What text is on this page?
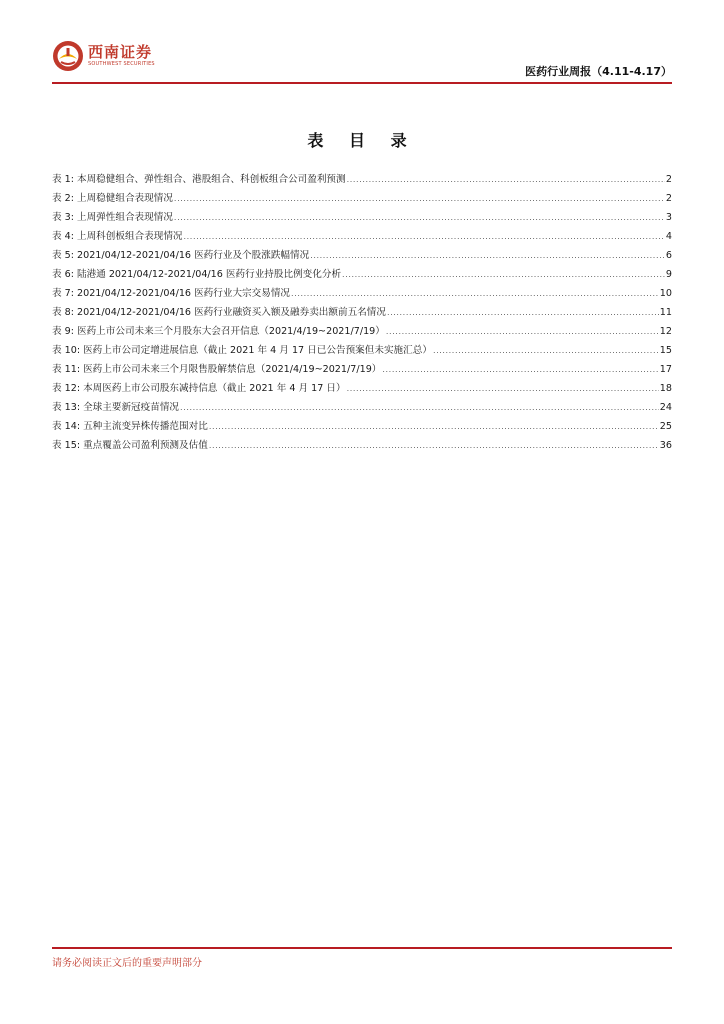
西南证券
SOUTHWEST SECURITIES
医药行业周报（4.11-4.17）
表 目 录
表 1: 本周稳健组合、弹性组合、港股组合、科创板组合公司盈利预测 .....	2
表 2: 上周稳健组合表现情况 .....	2
表 3: 上周弹性组合表现情况 .....	3
表 4: 上周科创板组合表现情况 .....	4
表 5: 2021/04/12-2021/04/16 医药行业及个股涨跌幅情况 .....	6
表 6: 陆港通 2021/04/12-2021/04/16 医药行业持股比例变化分析 .....	9
表 7: 2021/04/12-2021/04/16 医药行业大宗交易情况 .....	10
表 8: 2021/04/12-2021/04/16 医药行业融资买入额及融券卖出额前五名情况 .....	11
表 9: 医药上市公司未来三个月股东大会召开信息（2021/4/19~2021/7/19） .....	12
表 10: 医药上市公司定增进展信息（截止 2021 年 4 月 17 日已公告预案但未实施汇总） .....	15
表 11: 医药上市公司未来三个月限售股解禁信息（2021/4/19~2021/7/19） .....	17
表 12: 本周医药上市公司股东减持信息（截止 2021 年 4 月 17 日） .....	18
表 13: 全球主要新冠疫苗情况 .....	24
表 14: 五种主流变异株传播范围对比 .....	25
表 15: 重点覆盖公司盈利预测及估值 .....	36
请务必阅读正文后的重要声明部分
